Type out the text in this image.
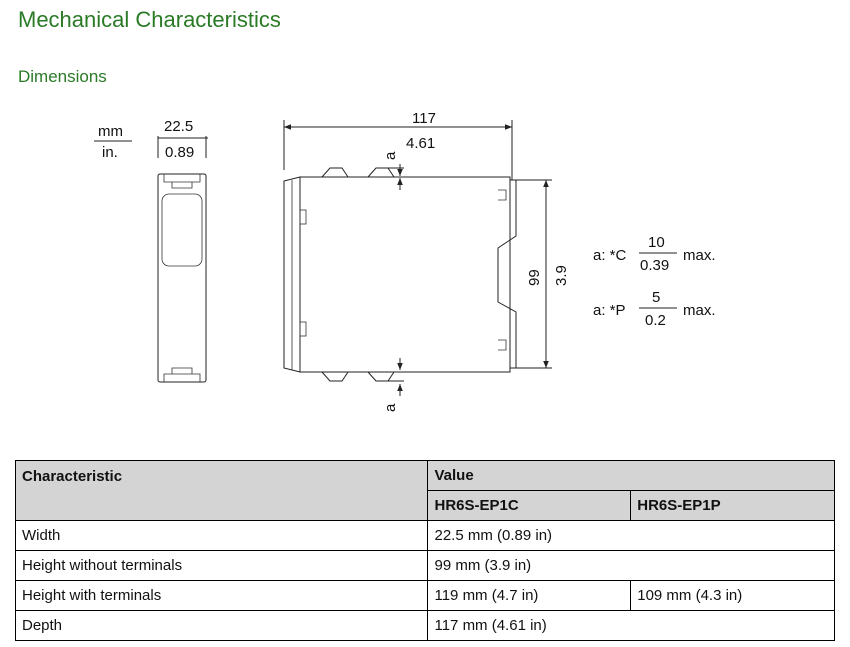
Mechanical Characteristics
Dimensions
mm
in.
22.5
0.89
117
4.61
a
a
99 3.9
a: *C
10
0.39
max.
a: *P
5
0.2
max.
Characteristic	Value	
	HR6S-EP1C	HR6S-EP1P
Width	22.5 mm (0.89 in)	
Height without terminals	99 mm (3.9 in)	
Height with terminals	119 mm (4.7 in)	109 mm (4.3 in)
Depth	117 mm (4.61 in)	
